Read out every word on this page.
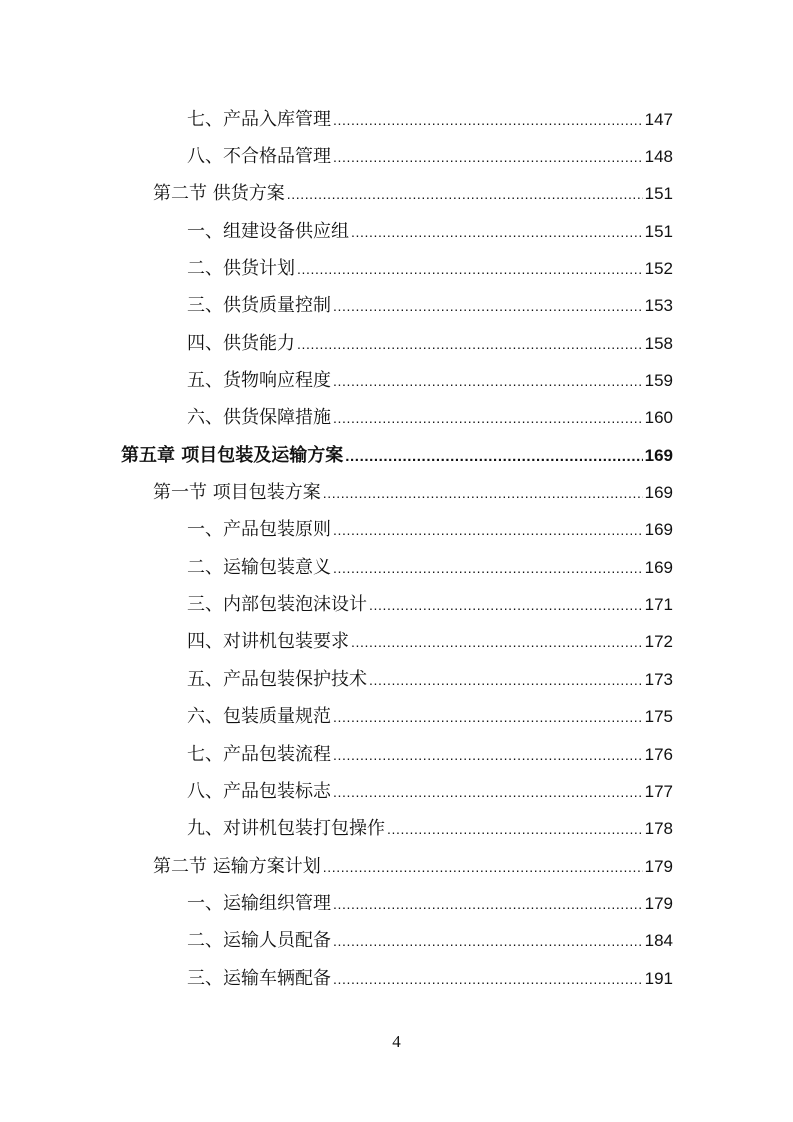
七、产品入库管理 .....	147
八、不合格品管理 .....	148
第二节 供货方案 .....	151
一、组建设备供应组 .....	151
二、供货计划 .....	152
三、供货质量控制 .....	153
四、供货能力 .....	158
五、货物响应程度 .....	159
六、供货保障措施 .....	160
第五章 项目包装及运输方案 .....	169
第一节 项目包装方案 .....	169
一、产品包装原则 .....	169
二、运输包装意义 .....	169
三、内部包装泡沫设计 .....	171
四、对讲机包装要求 .....	172
五、产品包装保护技术 .....	173
六、包装质量规范 .....	175
七、产品包装流程 .....	176
八、产品包装标志 .....	177
九、对讲机包装打包操作 .....	178
第二节 运输方案计划 .....	179
一、运输组织管理 .....	179
二、运输人员配备 .....	184
三、运输车辆配备 .....	191
4
